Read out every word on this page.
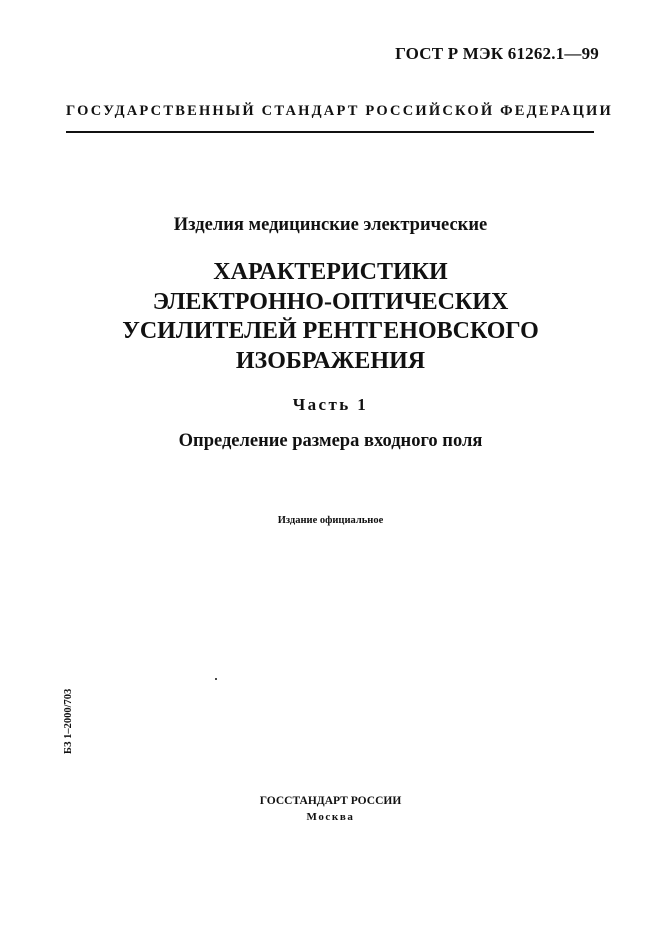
ГОСТ Р МЭК 61262.1—99
ГОСУДАРСТВЕННЫЙ СТАНДАРТ РОССИЙСКОЙ ФЕДЕРАЦИИ
Изделия медицинские электрические
ХАРАКТЕРИСТИКИ
ЭЛЕКТРОННО-ОПТИЧЕСКИХ
УСИЛИТЕЛЕЙ РЕНТГЕНОВСКОГО
ИЗОБРАЖЕНИЯ
Часть 1
Определение размера входного поля
Издание официальное
БЗ 1–2000/703
ГОССТАНДАРТ РОССИИ
Москва
